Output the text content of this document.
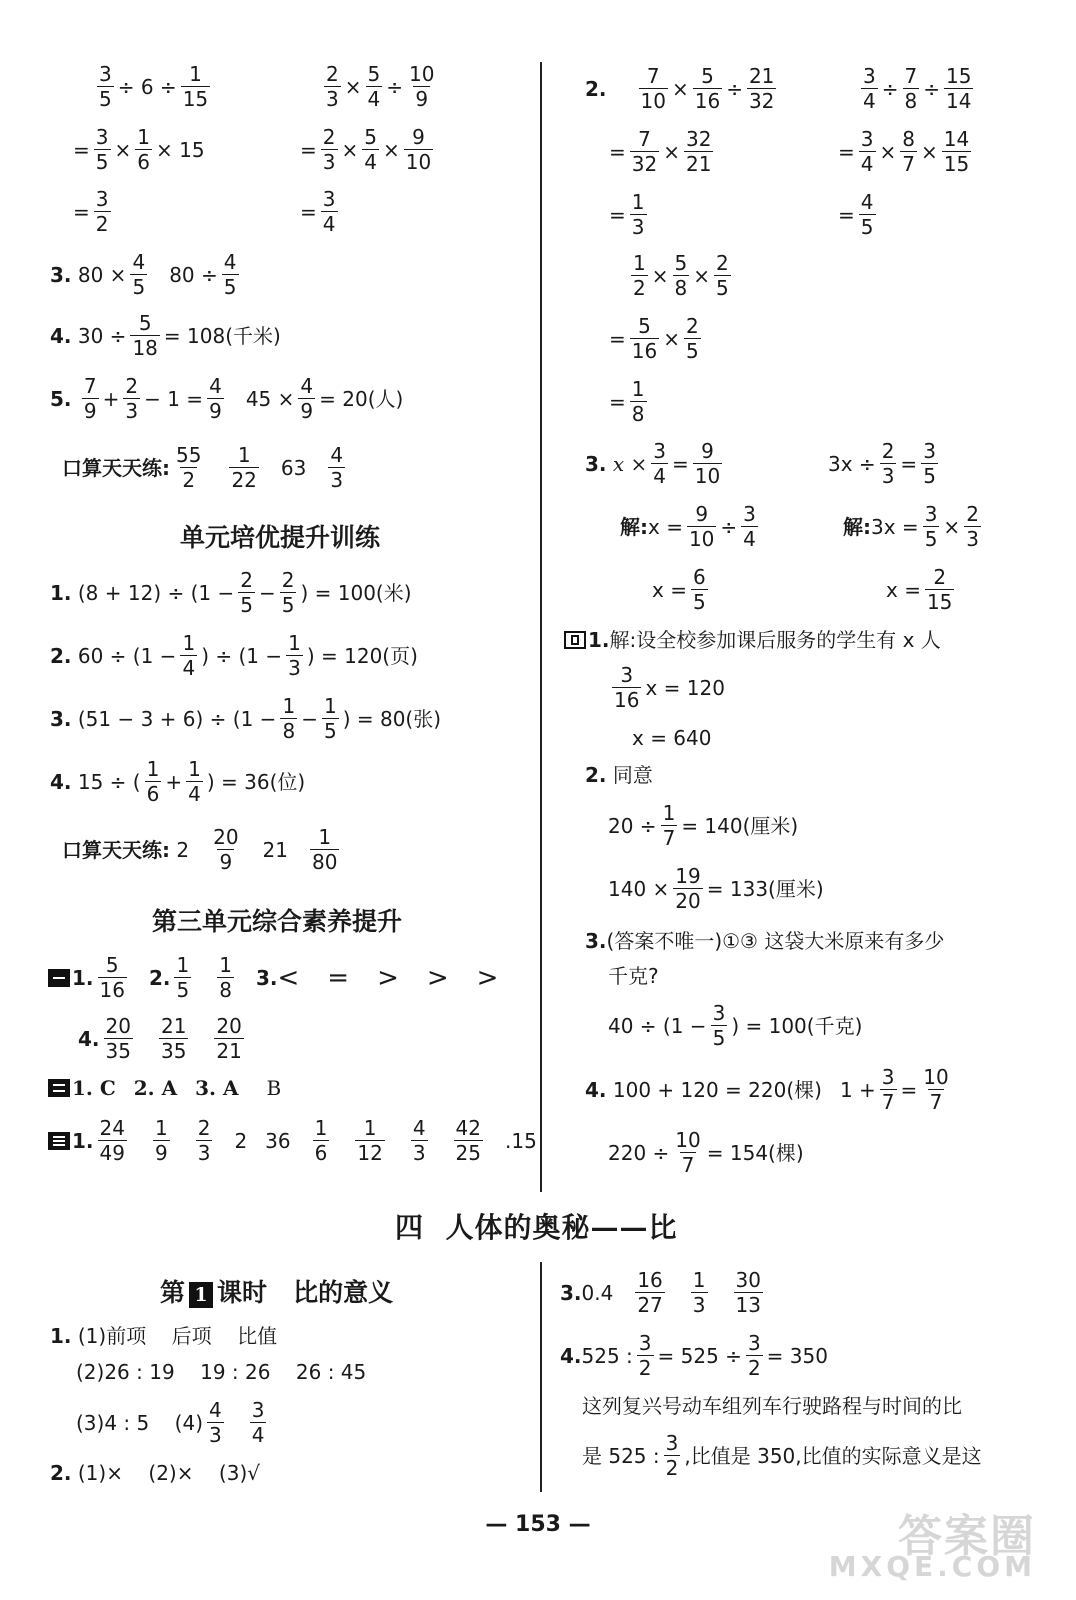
$\frac{3}{5} \div 6 \div \frac{1}{15}$
= $\frac{3}{5} \times \frac{1}{6} \times 15$
= $\frac{3}{2}$
$\frac{2}{3} \times \frac{5}{4} \div \frac{10}{9}$
= $\frac{2}{3} \times \frac{5}{4} \times \frac{9}{10}$
= $\frac{3}{4}$
3.
$80 \times \frac{4}{5} 80 \div \frac{4}{5}$
4.
$30 \div \frac{5}{18} = 108$(千米)
5.
$\frac{7}{9} + \frac{2}{3} - 1 = \frac{4}{9} 45 \times \frac{4}{9} = 20$(人)
口算天天练: $\frac{55}{2} \frac{1}{22} 63 \frac{4}{3}$
单元培优提升训练
1.
$(8 + 12) \div (1 - \frac{2}{5} - \frac{2}{5}$ ) = 100(米)
2.
$60 \div (1 - \frac{1}{4}$ ) ÷ ($1 - \frac{1}{3}$ ) = 120(页)
3.
$(51 - 3 + 6) \div (1 - \frac{1}{8} - \frac{1}{5}$ ) = 80(张)
4.
15 ÷ ( $\frac{1}{6} + \frac{1}{4}$ ) = 36(位)
口算天天练:
$2 \frac{20}{9} 21 \frac{1}{80}$
第三单元综合素养提升
1. $\frac{5}{16} 2$. $\frac{1}{5} \frac{1}{8} 3$. < = > > >
4. $\frac{20}{35} \frac{21}{35} \frac{20}{21}$
1. C 2. A 3. A B
1. $\frac{24}{49} \frac{1}{9} \frac{2}{3} 2$ $36 \frac{1}{6} \frac{1}{12} \frac{4}{3} \frac{42}{25} .15$
2. $\frac{7}{10} \times \frac{5}{16} \div \frac{21}{32}$
= $\frac{7}{32} \times \frac{32}{21}$
= $\frac{1}{3}$
$\frac{3}{4} \div \frac{7}{8} \div \frac{15}{14}$
= $\frac{3}{4} \times \frac{8}{7} \times \frac{14}{15}$
= $\frac{4}{5}$
$\frac{1}{2} \times \frac{5}{8} \times \frac{2}{5}$
= $\frac{5}{16} \times \frac{2}{5}$
= $\frac{1}{8}$
3.
$x \times \frac{3}{4} = \frac{9}{10}$
解: $x = \frac{9}{10} \div \frac{3}{4}$
$x = \frac{6}{5}$
$3x \div \frac{2}{3} = \frac{3}{5}$
解: $3x = \frac{3}{5} \times \frac{2}{3}$
$x = \frac{2}{15}$
1. 解:设全校参加课后服务的学生有 x 人
$\frac{3}{16}$ x = 120
x = 640
2.
同意
$20 \div \frac{1}{7} = 140$(厘米)
$140 \times \frac{19}{20} = 133$(厘米)
3. (答案不唯一)①③ 这袋大米原来有多少
千克?
$40 \div (1 - \frac{3}{5}$ ) = 100(千克)
4.
100 + 120 = 220(棵) $1 + \frac{3}{7} = \frac{10}{7}$
$220 \div \frac{10}{7} = 154$(棵)
四 人体的奥秘——比
第 1 课时 比的意义
1.
(1)前项    后项    比值
(2)26 : 19    19 : 26    26 : 45
(3)4 : 5    $(4) \frac{4}{3} \frac{3}{4}$
2.
(1)×    (2)×    (3)√
3. $0.4 \frac{16}{27} \frac{1}{3} \frac{30}{13}$
4. 525 : $\frac{3}{2} = 525 \div \frac{3}{2} = 350$
这列复兴号动车组列车行驶路程与时间的比
是 525 : $\frac{3}{2}$ ,比值是 350,比值的实际意义是这
— 153 —	答案圈
MXQE.COM
